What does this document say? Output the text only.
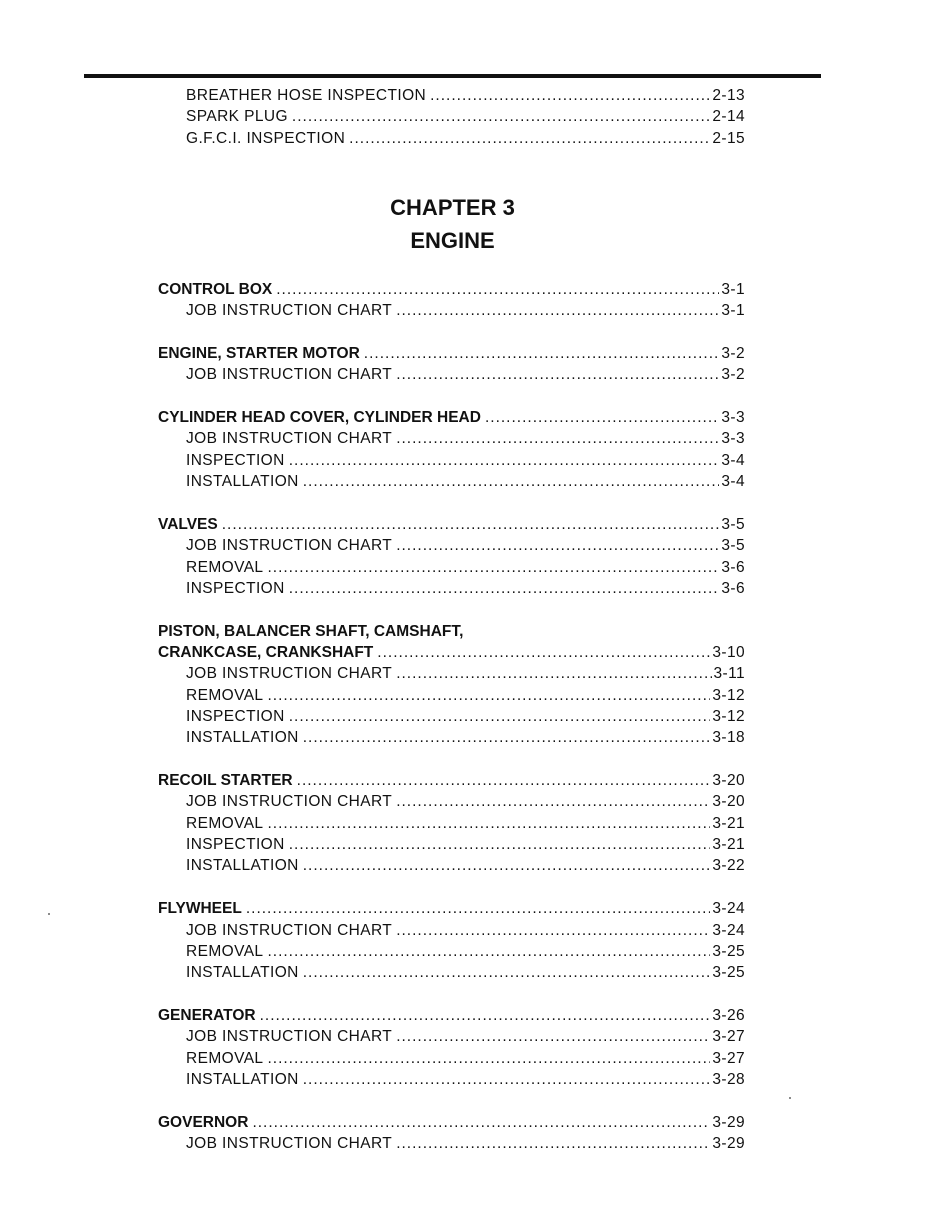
BREATHER HOSE INSPECTION .....	2-13
SPARK PLUG .....	2-14
G.F.C.I. INSPECTION .....	2-15
CHAPTER 3
ENGINE
CONTROL BOX .....	3-1
JOB INSTRUCTION CHART .....	3-1
ENGINE, STARTER MOTOR .....	3-2
JOB INSTRUCTION CHART .....	3-2
CYLINDER HEAD COVER, CYLINDER HEAD .....	3-3
JOB INSTRUCTION CHART .....	3-3
INSPECTION .....	3-4
INSTALLATION .....	3-4
VALVES .....	3-5
JOB INSTRUCTION CHART .....	3-5
REMOVAL .....	3-6
INSPECTION .....	3-6
PISTON, BALANCER SHAFT, CAMSHAFT,
CRANKCASE, CRANKSHAFT .....	3-10
JOB INSTRUCTION CHART .....	3-11
REMOVAL .....	3-12
INSPECTION .....	3-12
INSTALLATION .....	3-18
RECOIL STARTER .....	3-20
JOB INSTRUCTION CHART .....	3-20
REMOVAL .....	3-21
INSPECTION .....	3-21
INSTALLATION .....	3-22
FLYWHEEL .....	3-24
JOB INSTRUCTION CHART .....	3-24
REMOVAL .....	3-25
INSTALLATION .....	3-25
GENERATOR .....	3-26
JOB INSTRUCTION CHART .....	3-27
REMOVAL .....	3-27
INSTALLATION .....	3-28
GOVERNOR .....	3-29
JOB INSTRUCTION CHART .....	3-29
